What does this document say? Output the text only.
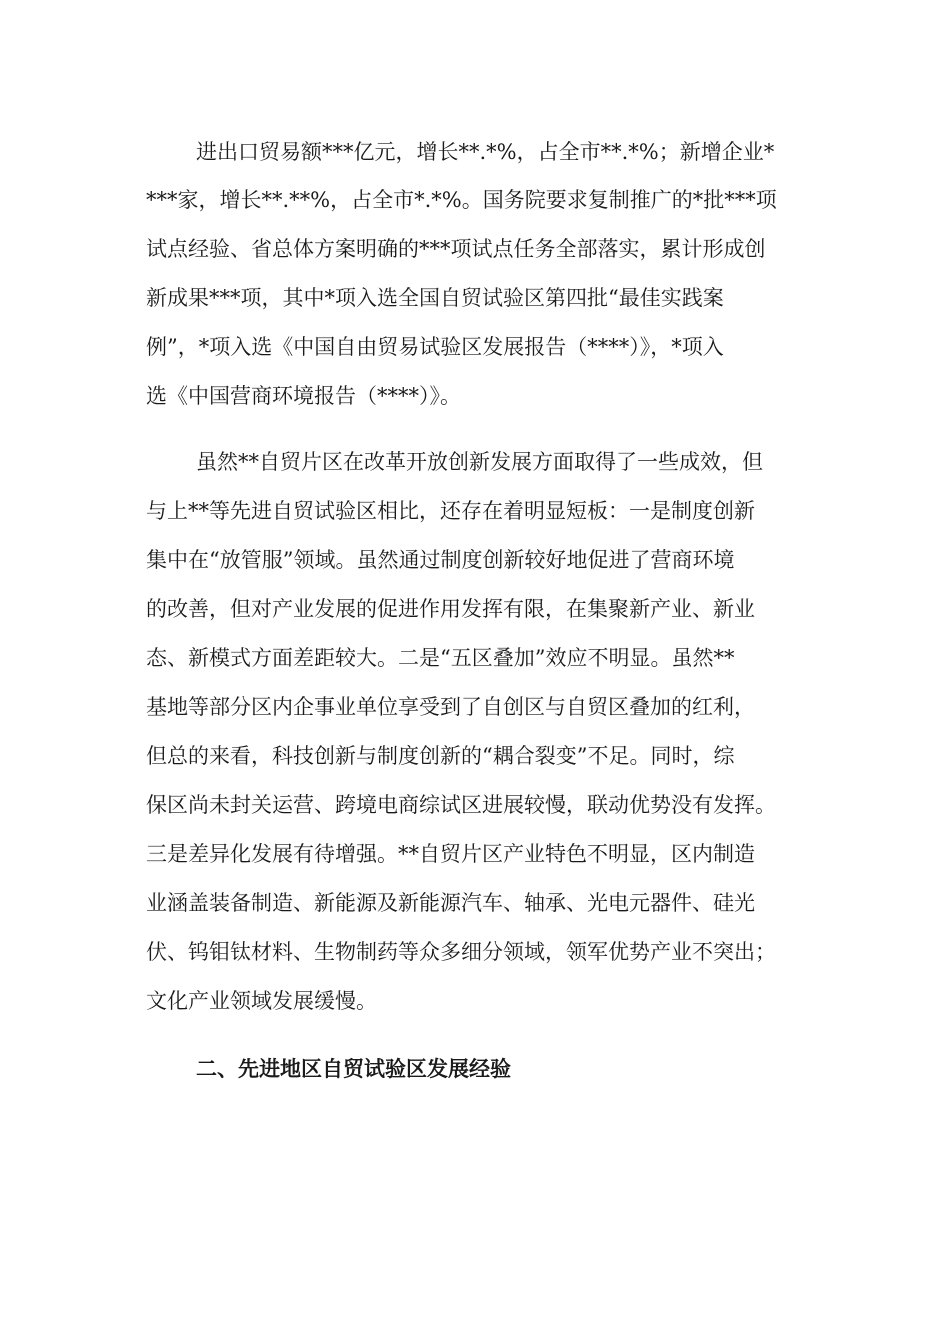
进出口贸易额***亿元，增长**.*%，占全市**.*%；新增企业*
***家，增长**.**%，占全市*.*%。国务院要求复制推广的*批***项
试点经验、省总体方案明确的***项试点任务全部落实，累计形成创
新成果***项，其中*项入选全国自贸试验区第四批“最佳实践案
例”，*项入选《中国自由贸易试验区发展报告（****）》，*项入
选《中国营商环境报告（****）》。
虽然**自贸片区在改革开放创新发展方面取得了一些成效，但
与上**等先进自贸试验区相比，还存在着明显短板：一是制度创新
集中在“放管服”领域。虽然通过制度创新较好地促进了营商环境
的改善，但对产业发展的促进作用发挥有限，在集聚新产业、新业
态、新模式方面差距较大。二是“五区叠加”效应不明显。虽然**
基地等部分区内企事业单位享受到了自创区与自贸区叠加的红利，
但总的来看，科技创新与制度创新的“耦合裂变”不足。同时，综
保区尚未封关运营、跨境电商综试区进展较慢，联动优势没有发挥。
三是差异化发展有待增强。**自贸片区产业特色不明显，区内制造
业涵盖装备制造、新能源及新能源汽车、轴承、光电元器件、硅光
伏、钨钼钛材料、生物制药等众多细分领域，领军优势产业不突出；
文化产业领域发展缓慢。
二、先进地区自贸试验区发展经验
